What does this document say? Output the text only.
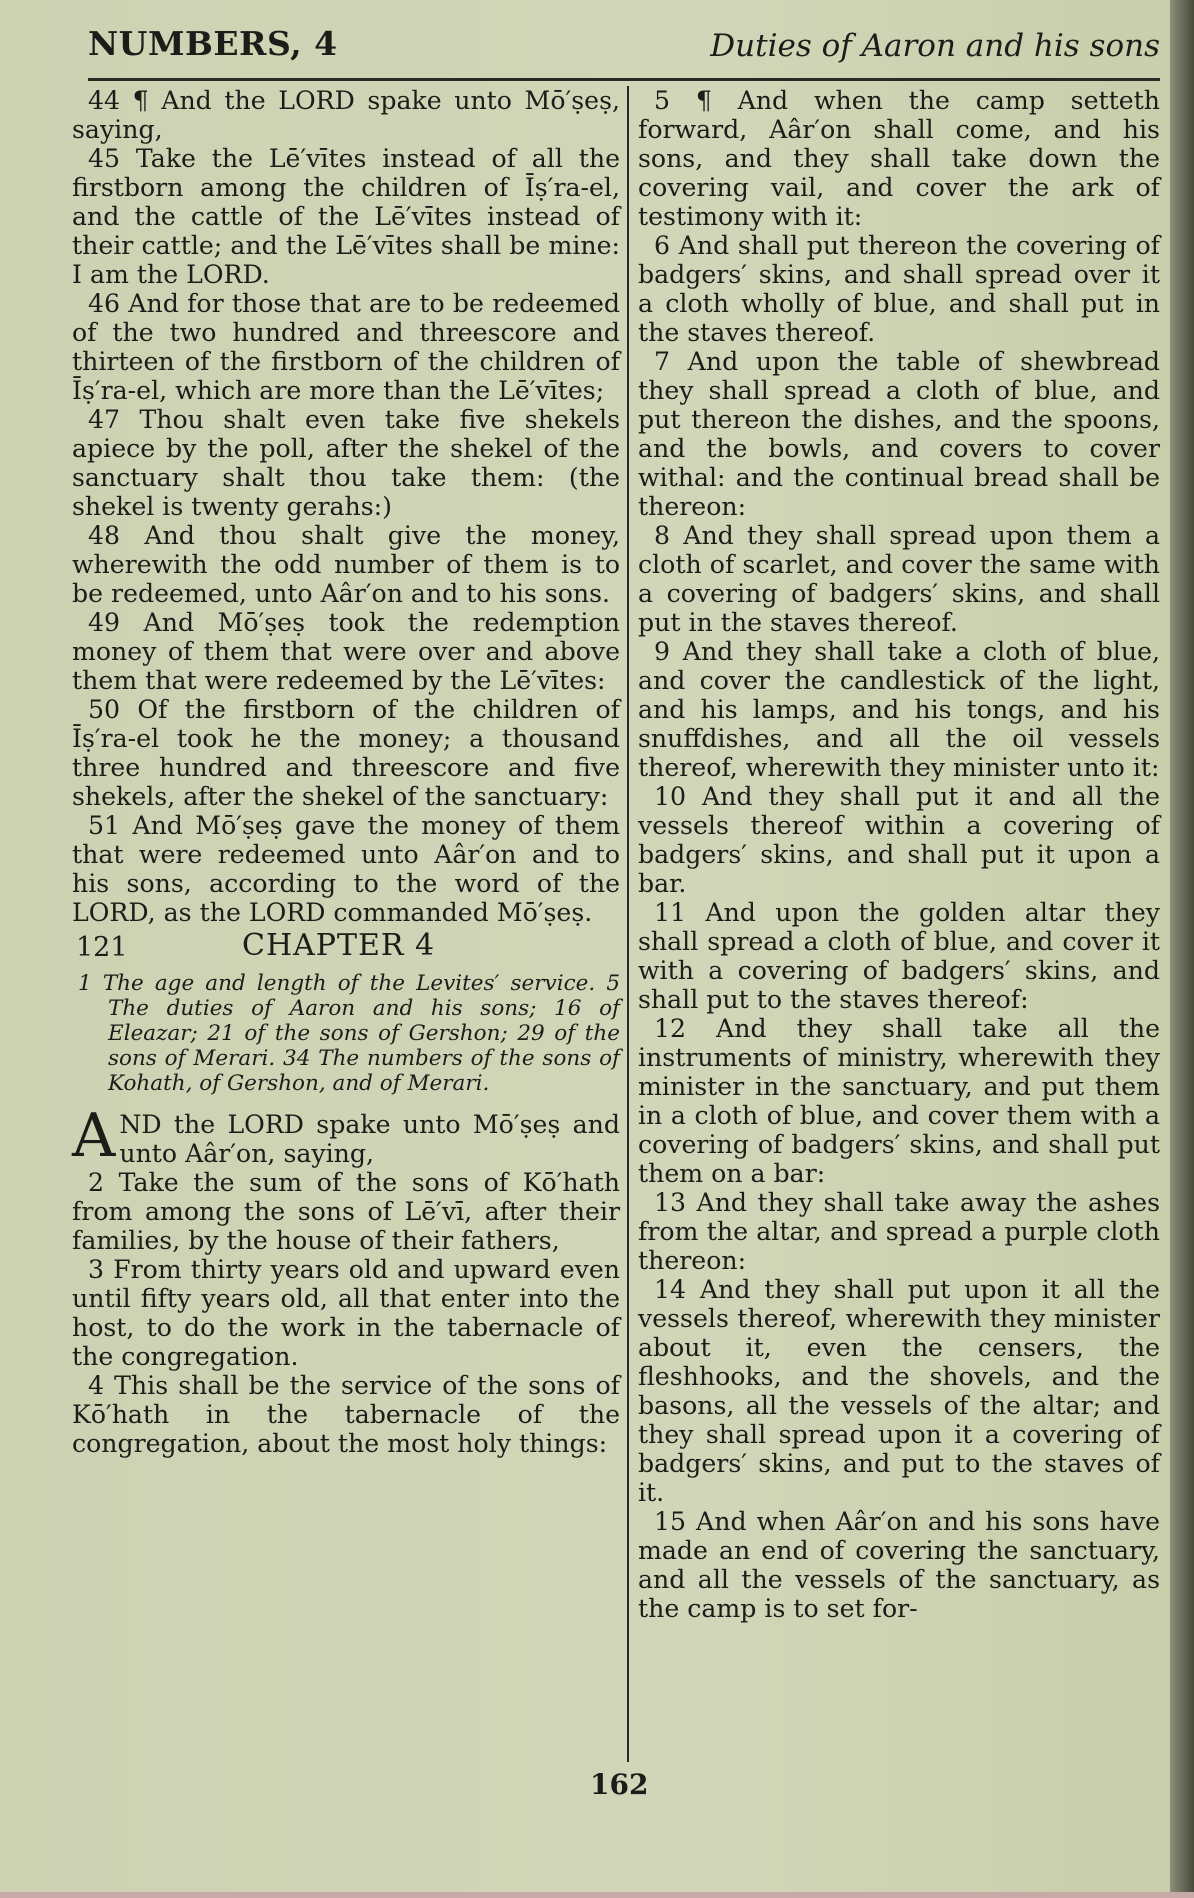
NUMBERS, 4	Duties of Aaron and his sons

44 ¶ And the LORD spake unto Mō′ṣeṣ, saying,

45 Take the Lē′vītes instead of all the firstborn among the children of Īṣ′ra-el, and the cattle of the Lē′vītes instead of their cattle; and the Lē′vītes shall be mine: I am the LORD.

46 And for those that are to be redeemed of the two hundred and threescore and thirteen of the firstborn of the children of Īṣ′ra-el, which are more than the Lē′vītes;

47 Thou shalt even take five shekels apiece by the poll, after the shekel of the sanctuary shalt thou take them: (the shekel is twenty gerahs:)

48 And thou shalt give the money, wherewith the odd number of them is to be redeemed, unto Aâr′on and to his sons.

49 And Mō′ṣeṣ took the redemption money of them that were over and above them that were redeemed by the Lē′vītes:

50 Of the firstborn of the children of Īṣ′ra-el took he the money; a thousand three hundred and threescore and five shekels, after the shekel of the sanctuary:

51 And Mō′ṣeṣ gave the money of them that were redeemed unto Aâr′on and to his sons, according to the word of the LORD, as the LORD commanded Mō′ṣeṣ.

121	CHAPTER 4

1 The age and length of the Levites′ service. 5 The duties of Aaron and his sons; 16 of Eleazar; 21 of the sons of Gershon; 29 of the sons of Merari. 34 The numbers of the sons of Kohath, of Gershon, and of Merari.

A ND the LORD spake unto Mō′ṣeṣ and unto Aâr′on, saying,

2 Take the sum of the sons of Kō′hath from among the sons of Lē′vī, after their families, by the house of their fathers,

3 From thirty years old and upward even until fifty years old, all that enter into the host, to do the work in the tabernacle of the congregation.

4 This shall be the service of the sons of Kō′hath in the tabernacle of the congregation, about the most holy things:

5 ¶ And when the camp setteth forward, Aâr′on shall come, and his sons, and they shall take down the covering vail, and cover the ark of testimony with it:

6 And shall put thereon the covering of badgers′ skins, and shall spread over it a cloth wholly of blue, and shall put in the staves thereof.

7 And upon the table of shewbread they shall spread a cloth of blue, and put thereon the dishes, and the spoons, and the bowls, and covers to cover withal: and the continual bread shall be thereon:

8 And they shall spread upon them a cloth of scarlet, and cover the same with a covering of badgers′ skins, and shall put in the staves thereof.

9 And they shall take a cloth of blue, and cover the candlestick of the light, and his lamps, and his tongs, and his snuffdishes, and all the oil vessels thereof, wherewith they minister unto it:

10 And they shall put it and all the vessels thereof within a covering of badgers′ skins, and shall put it upon a bar.

11 And upon the golden altar they shall spread a cloth of blue, and cover it with a covering of badgers′ skins, and shall put to the staves thereof:

12 And they shall take all the instruments of ministry, wherewith they minister in the sanctuary, and put them in a cloth of blue, and cover them with a covering of badgers′ skins, and shall put them on a bar:

13 And they shall take away the ashes from the altar, and spread a purple cloth thereon:

14 And they shall put upon it all the vessels thereof, wherewith they minister about it, even the censers, the fleshhooks, and the shovels, and the basons, all the vessels of the altar; and they shall spread upon it a covering of badgers′ skins, and put to the staves of it.

15 And when Aâr′on and his sons have made an end of covering the sanctuary, and all the vessels of the sanctuary, as the camp is to set for-

162
